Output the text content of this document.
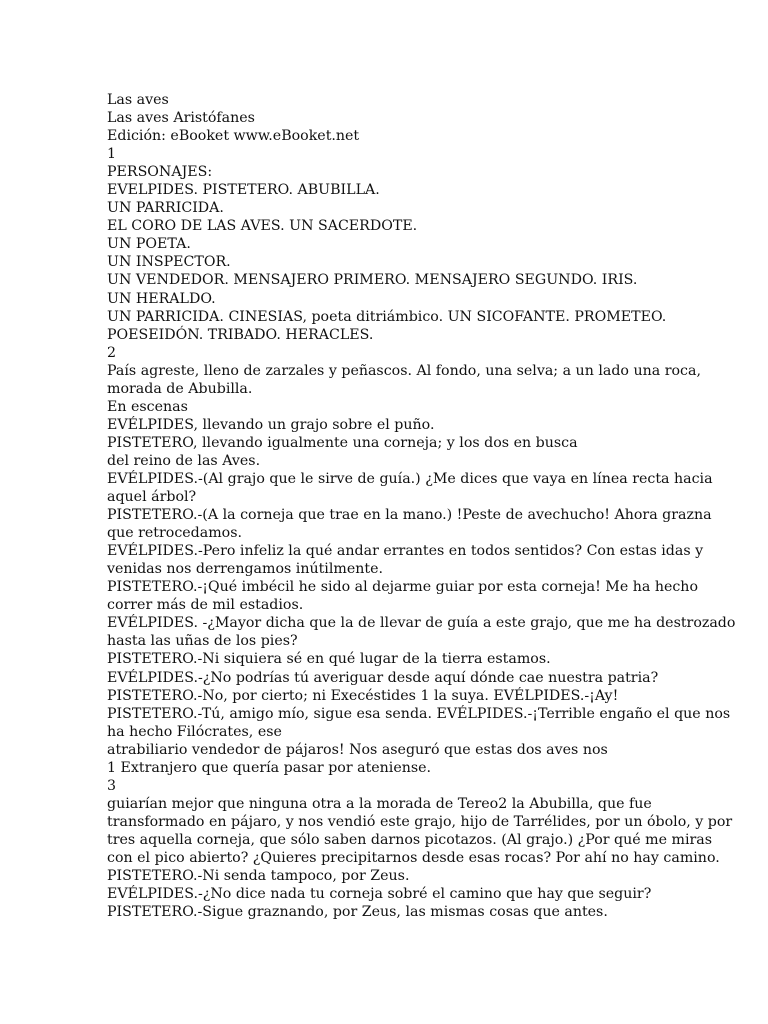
Las aves
Las aves Aristófanes
Edición: eBooket www.eBooket.net
1
PERSONAJES:
EVELPIDES. PISTETERO. ABUBILLA.
UN PARRICIDA.
EL CORO DE LAS AVES. UN SACERDOTE.
UN POETA.
UN INSPECTOR.
UN VENDEDOR. MENSAJERO PRIMERO. MENSAJERO SEGUNDO. IRIS.
UN HERALDO.
UN PARRICIDA. CINESIAS, poeta ditriámbico. UN SICOFANTE. PROMETEO.
POESEIDÓN. TRIBADO. HERACLES.
2
País agreste, lleno de zarzales y peñascos. Al fondo, una selva; a un lado una roca,
morada de Abubilla.
En escenas
EVÉLPIDES, llevando un grajo sobre el puño.
PISTETERO, llevando igualmente una corneja; y los dos en busca
del reino de las Aves.
EVÉLPIDES.-(Al grajo que le sirve de guía.) ¿Me dices que vaya en línea recta hacia
aquel árbol?
PISTETERO.-(A la corneja que trae en la mano.) !Peste de avechucho! Ahora grazna
que retrocedamos.
EVÉLPIDES.-Pero infeliz la qué andar errantes en todos sentidos? Con estas idas y
venidas nos derrengamos inútilmente.
PISTETERO.-¡Qué imbécil he sido al dejarme guiar por esta corneja! Me ha hecho
correr más de mil estadios.
EVÉLPIDES. -¿Mayor dicha que la de llevar de guía a este grajo, que me ha destrozado
hasta las uñas de los pies?
PISTETERO.-Ni siquiera sé en qué lugar de la tierra estamos.
EVÉLPIDES.-¿No podrías tú averiguar desde aquí dónde cae nuestra patria?
PISTETERO.-No, por cierto; ni Execéstides 1 la suya. EVÉLPIDES.-¡Ay!
PISTETERO.-Tú, amigo mío, sigue esa senda. EVÉLPIDES.-¡Terrible engaño el que nos
ha hecho Filócrates, ese
atrabiliario vendedor de pájaros! Nos aseguró que estas dos aves nos
1 Extranjero que quería pasar por ateniense.
3
guiarían mejor que ninguna otra a la morada de Tereo2 la Abubilla, que fue
transformado en pájaro, y nos vendió este grajo, hijo de Tarrélides, por un óbolo, y por
tres aquella corneja, que sólo saben darnos picotazos. (Al grajo.) ¿Por qué me miras
con el pico abierto? ¿Quieres precipitarnos desde esas rocas? Por ahí no hay camino.
PISTETERO.-Ni senda tampoco, por Zeus.
EVÉLPIDES.-¿No dice nada tu corneja sobré el camino que hay que seguir?
PISTETERO.-Sigue graznando, por Zeus, las mismas cosas que antes.
